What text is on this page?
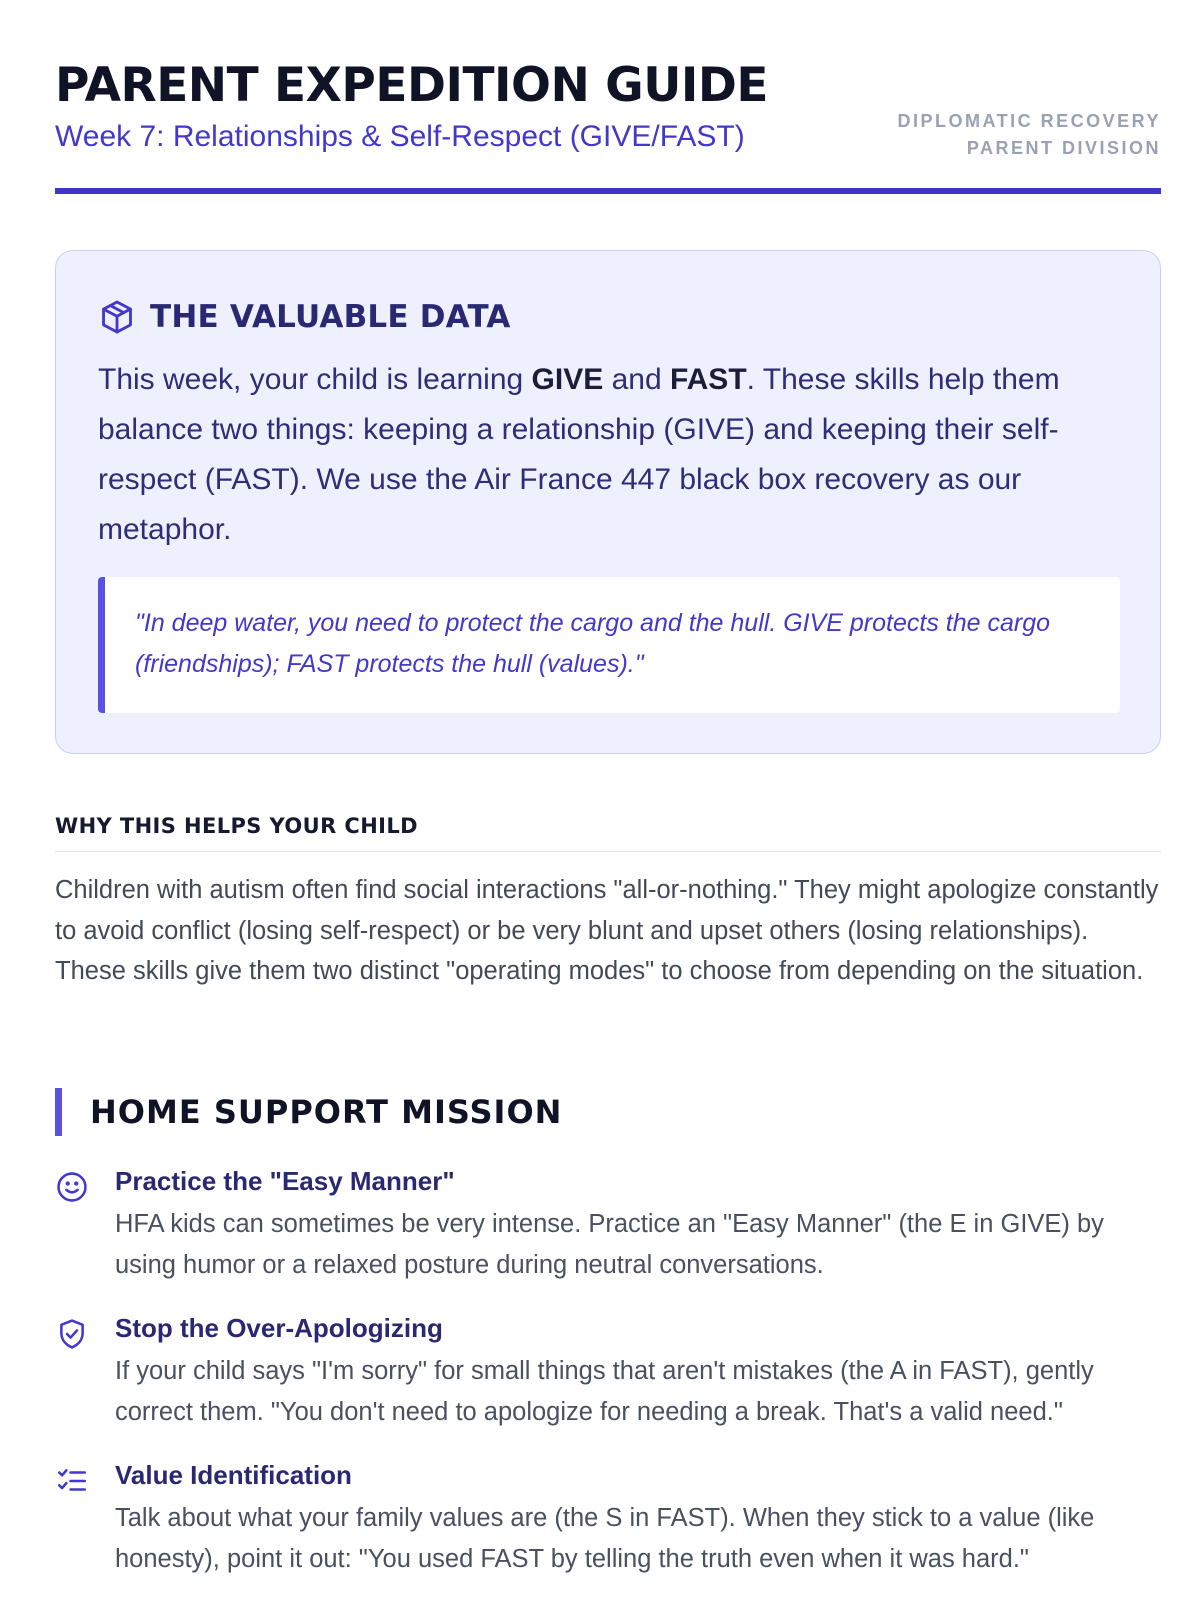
PARENT EXPEDITION GUIDE
Week 7: Relationships & Self-Respect (GIVE/FAST)	DIPLOMATIC RECOVERY
PARENT DIVISION
THE VALUABLE DATA
This week, your child is learning GIVE and FAST. These skills help them balance two things: keeping a relationship (GIVE) and keeping their self-respect (FAST). We use the Air France 447 black box recovery as our metaphor.
"In deep water, you need to protect the cargo and the hull. GIVE protects the cargo (friendships); FAST protects the hull (values)."
WHY THIS HELPS YOUR CHILD
Children with autism often find social interactions "all-or-nothing." They might apologize constantly to avoid conflict (losing self-respect) or be very blunt and upset others (losing relationships). These skills give them two distinct "operating modes" to choose from depending on the situation.
HOME SUPPORT MISSION
Practice the "Easy Manner"
HFA kids can sometimes be very intense. Practice an "Easy Manner" (the E in GIVE) by using humor or a relaxed posture during neutral conversations.
Stop the Over-Apologizing
If your child says "I'm sorry" for small things that aren't mistakes (the A in FAST), gently correct them. "You don't need to apologize for needing a break. That's a valid need."
Value Identification
Talk about what your family values are (the S in FAST). When they stick to a value (like honesty), point it out: "You used FAST by telling the truth even when it was hard."
